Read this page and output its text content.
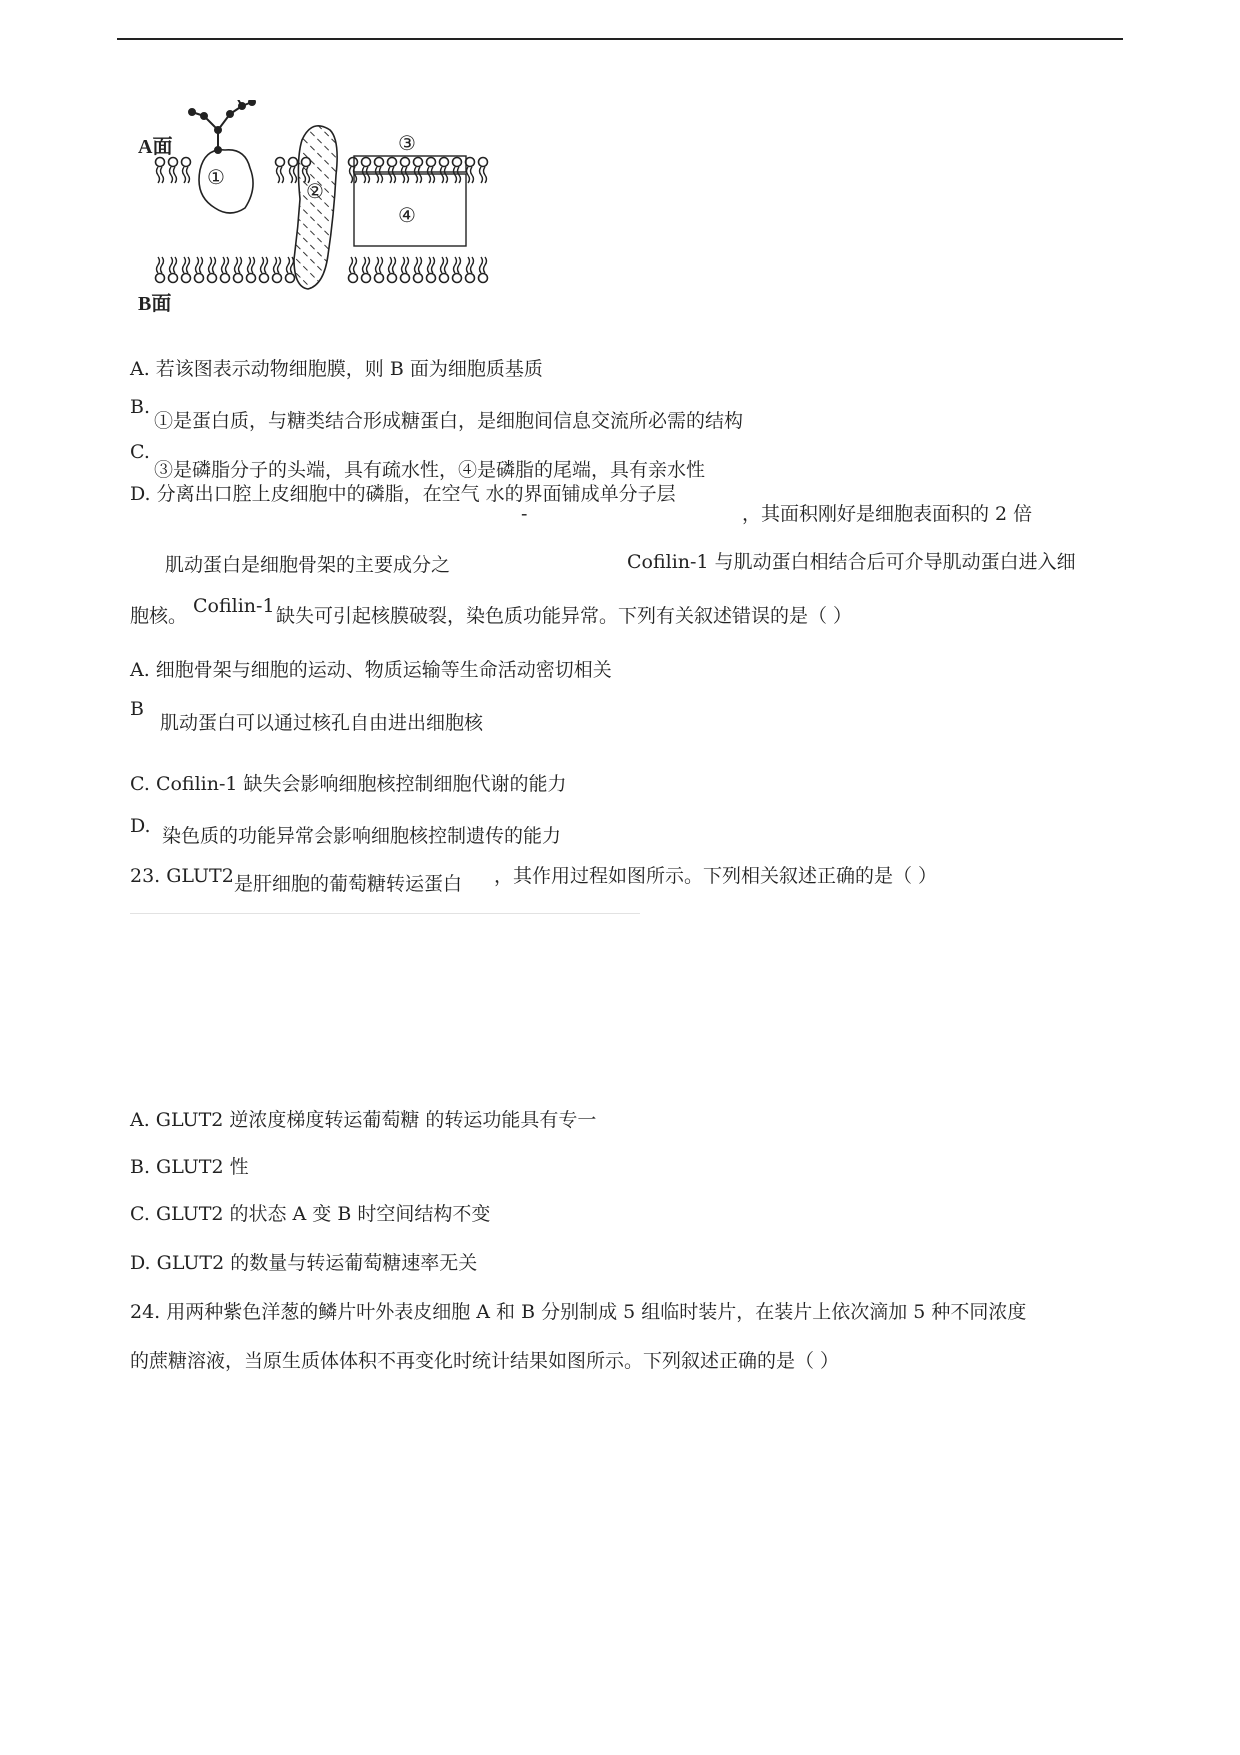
A面
B面
①
②
③
④
A. 若该图表示动物细胞膜，则 B 面为细胞质基质
B.
①是蛋白质，与糖类结合形成糖蛋白，是细胞间信息交流所必需的结构
C.
③是磷脂分子的头端，具有疏水性，④是磷脂的尾端，具有亲水性
D. 分离出口腔上皮细胞中的磷脂，在空气 水的界面铺成单分子层
-	，其面积刚好是细胞表面积的 2 倍
肌动蛋白是细胞骨架的主要成分之	Cofilin-1 与肌动蛋白相结合后可介导肌动蛋白进入细
胞核。 Cofilin-1 缺失可引起核膜破裂，染色质功能异常。下列有关叙述错误的是（ ）
A. 细胞骨架与细胞的运动、物质运输等生命活动密切相关
B
肌动蛋白可以通过核孔自由进出细胞核
C. Cofilin-1 缺失会影响细胞核控制细胞代谢的能力
D. 染色质的功能异常会影响细胞核控制遗传的能力
23. GLUT2 是肝细胞的葡萄糖转运蛋白 ，其作用过程如图所示。下列相关叙述正确的是（ ）
A. GLUT2 逆浓度梯度转运葡萄糖 的转运功能具有专一
B. GLUT2 性
C. GLUT2 的状态 A 变 B 时空间结构不变
D. GLUT2 的数量与转运葡萄糖速率无关
24. 用两种紫色洋葱的鳞片叶外表皮细胞 A 和 B 分别制成 5 组临时装片，在装片上依次滴加 5 种不同浓度
的蔗糖溶液，当原生质体体积不再变化时统计结果如图所示。下列叙述正确的是（ ）
